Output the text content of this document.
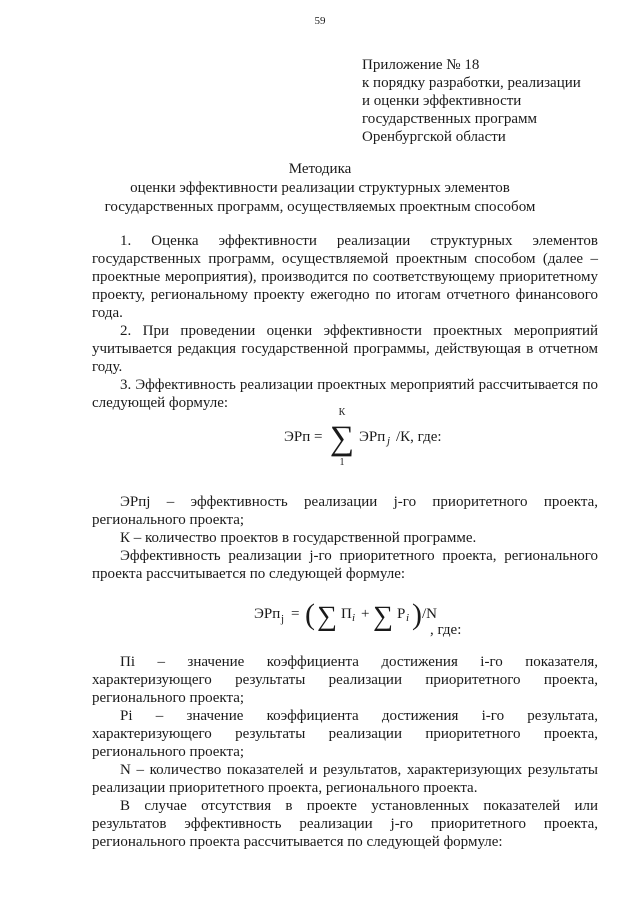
59
Приложение № 18
к порядку разработки, реализации
и оценки эффективности
государственных программ
Оренбургской области
Методика
оценки эффективности реализации структурных элементов
государственных программ, осуществляемых проектным способом

1. Оценка эффективности реализации структурных элементов государственных программ, осуществляемой проектным способом (далее – проектные мероприятия), производится по соответствующему приоритетному проекту, региональному проекту ежегодно по итогам отчетного финансового года.

2. При проведении оценки эффективности проектных мероприятий учитывается редакция государственной программы, действующая в отчетном году.

3. Эффективность реализации проектных мероприятий рассчитывается по следующей формуле:

ЭРп =
К
∑
1
ЭРп j /К, где:

ЭРпj – эффективность реализации j-го приоритетного проекта, регионального проекта;

К – количество проектов в государственной программе.

Эффективность реализации j-го приоритетного проекта, регионального проекта рассчитывается по следующей формуле:

ЭРп j = ( ∑ П i + ∑ Р i ) /N
, где:

Пi – значение коэффициента достижения i-го показателя, характеризующего результаты реализации приоритетного проекта, регионального проекта;

Рi – значение коэффициента достижения i-го результата, характеризующего результаты реализации приоритетного проекта, регионального проекта;

N – количество показателей и результатов, характеризующих результаты реализации приоритетного проекта, регионального проекта.

В случае отсутствия в проекте установленных показателей или результатов эффективность реализации j-го приоритетного проекта, регионального проекта рассчитывается по следующей формуле:
